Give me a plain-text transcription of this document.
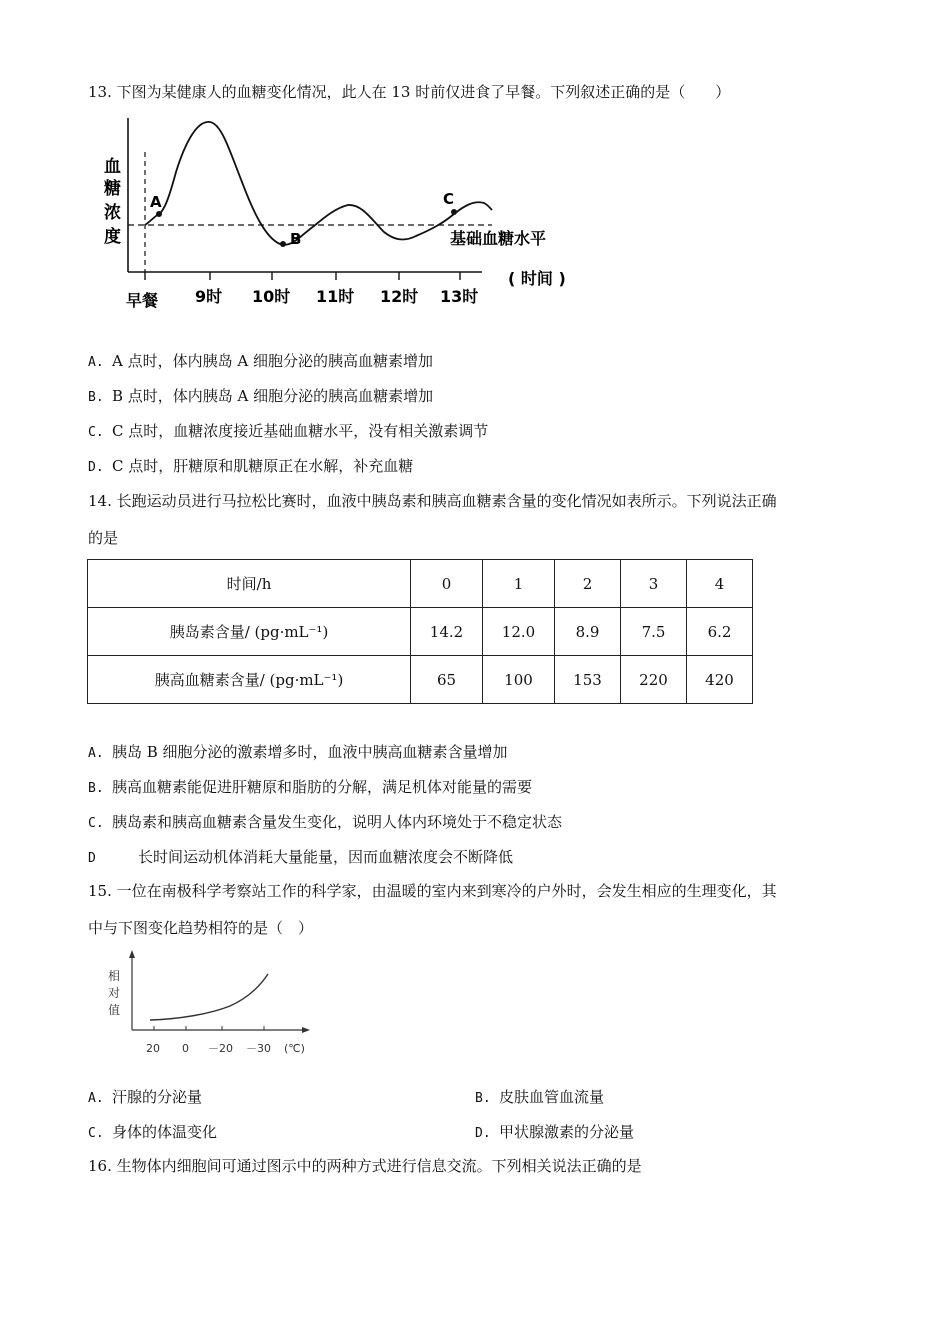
13. 下图为某健康人的血糖变化情况，此人在 13 时前仅进食了早餐。下列叙述正确的是（　　）
A
B
C
血
糖
浓
度	基础血糖水平
( 时间 )
早餐 9时 10时 11时 12时 13时
A. A 点时，体内胰岛 A 细胞分泌的胰高血糖素增加
B. B 点时，体内胰岛 A 细胞分泌的胰高血糖素增加
C. C 点时，血糖浓度接近基础血糖水平，没有相关激素调节
D. C 点时，肝糖原和肌糖原正在水解，补充血糖
14. 长跑运动员进行马拉松比赛时，血液中胰岛素和胰高血糖素含量的变化情况如表所示。下列说法正确
的是
时间/h	0	1	2	3	4
胰岛素含量/ (pg·mL⁻¹)	14.2	12.0	8.9	7.5	6.2
胰高血糖素含量/ (pg·mL⁻¹)	65	100	153	220	420
A. 胰岛 B 细胞分泌的激素增多时，血液中胰高血糖素含量增加
B. 胰高血糖素能促进肝糖原和脂肪的分解，满足机体对能量的需要
C. 胰岛素和胰高血糖素含量发生变化，说明人体内环境处于不稳定状态
D	长时间运动机体消耗大量能量，因而血糖浓度会不断降低
15. 一位在南极科学考察站工作的科学家，由温暖的室内来到寒冷的户外时，会发生相应的生理变化，其
中与下图变化趋势相符的是（　）
相
对
值
20 0 －20 －30 (℃)
A. 汗腺的分泌量	B. 皮肤血管血流量
C. 身体的体温变化	D. 甲状腺激素的分泌量
16. 生物体内细胞间可通过图示中的两种方式进行信息交流。下列相关说法正确的是
